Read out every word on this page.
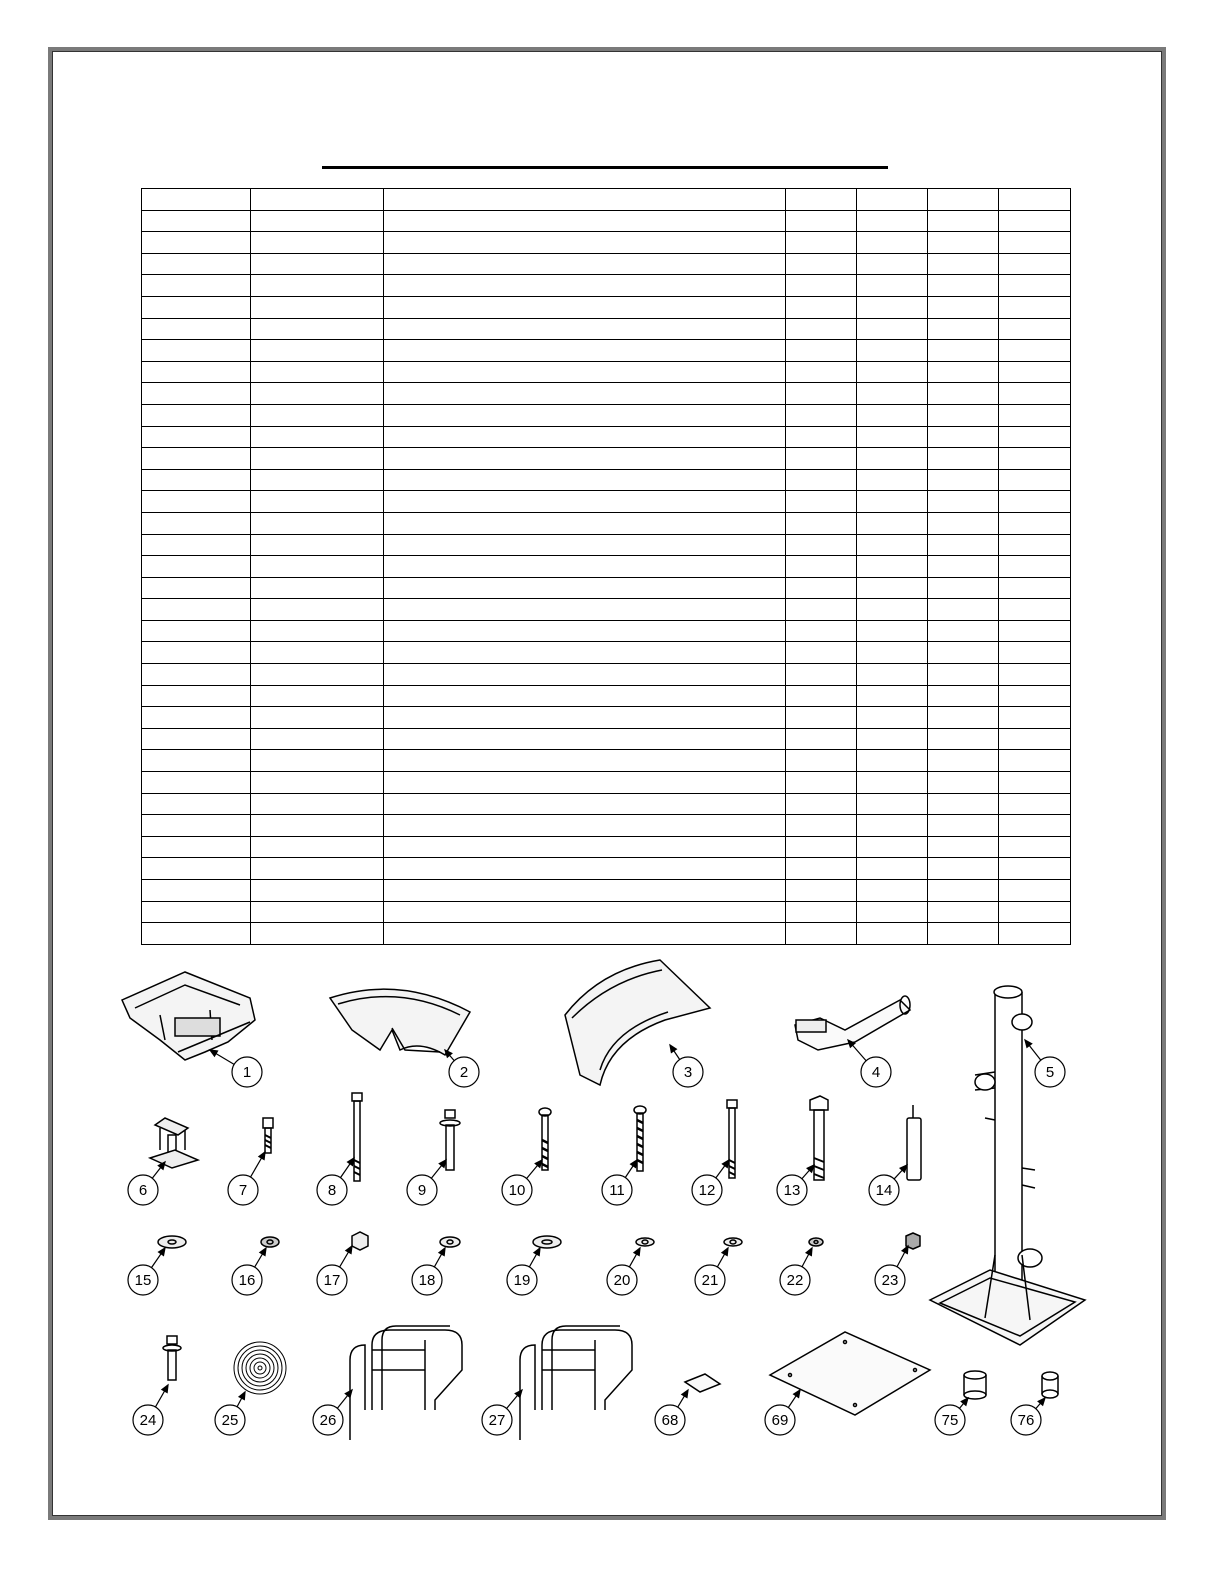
1	2	3	4	5
6	7	8	9	10	11	12	13	14
15	16	17	18	19	20	21	22	23
24	25	26	27	68	69	75	76
